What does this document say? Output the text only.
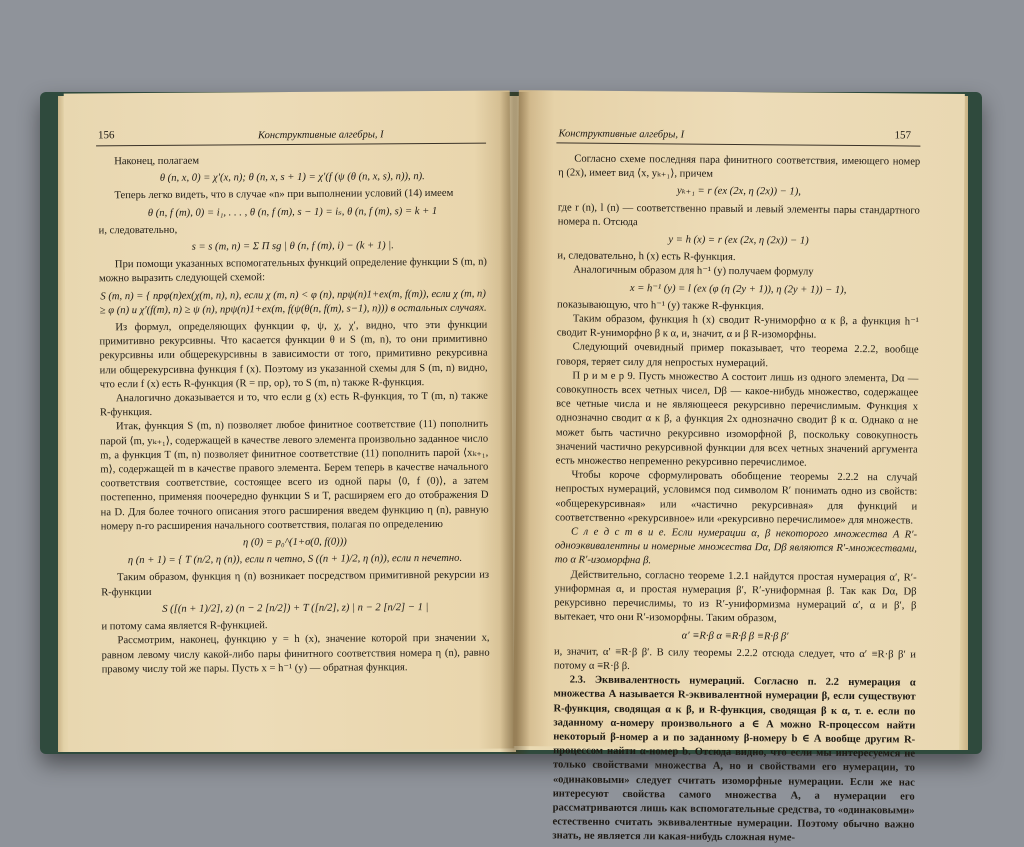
156	Конструктивные алгебры, I

Наконец, полагаем

θ (n, x, 0) = χ′(x, n); θ (n, x, s + 1) = χ′(f (ψ (θ (n, x, s), n)), n).

Теперь легко видеть, что в случае «n» при выполнении условий (14) имеем

θ (n, f (m), 0) = i₁, . . . , θ (n, f (m), s − 1) = iₛ, θ (n, f (m), s) = k + 1

и, следовательно,

s = s (m, n) = Σ Π sg | θ (n, f (m), i) − (k + 1) |.

При помощи указанных вспомогательных функций определение функции S (m, n) можно выразить следующей схемой:

S (m, n) = { npφ(n)ex(χ(m, n), n), если χ (m, n) < φ (n), npψ(n)1+ex(m, f(m)), если χ (m, n) ≥ φ (n) и χ′(f(m), n) ≥ ψ (n), npψ(n)1+ex(m, f(ψ(θ(n, f(m), s−1), n))) в остальных случаях.

Из формул, определяющих функции φ, ψ, χ, χ′, видно, что эти функции примитивно рекурсивны. Что касается функции θ и S (m, n), то они примитивно рекурсивны или общерекурсивны в зависимости от того, примитивно рекурсивна или общерекурсивна функция f (x). Поэтому из указанной схемы для S (m, n) видно, что если f (x) есть R-функция (R = пр, ор), то S (m, n) также R-функция.

Аналогично доказывается и то, что если g (x) есть R-функция, то T (m, n) также R-функция.

Итак, функция S (m, n) позволяет любое финитное соответствие (11) пополнить парой ⟨m, yₖ₊₁⟩, содержащей в качестве левого элемента произвольно заданное число m, а функция T (m, n) позволяет финитное соответствие (11) пополнить парой ⟨xₖ₊₁, m⟩, содержащей m в качестве правого элемента. Берем теперь в качестве начального соответствия соответствие, состоящее всего из одной пары ⟨0, f (0)⟩, а затем постепенно, применяя поочередно функции S и T, расширяем его до отображения D на D. Для более точного описания этого расширения введем функцию η (n), равную номеру n-го расширения начального соответствия, полагая по определению

η (0) = p₀^(1+σ(0, f(0)))

η (n + 1) = { T (n/2, η (n)), если n четно, S ((n + 1)/2, η (n)), если n нечетно.

Таким образом, функция η (n) возникает посредством примитивной рекурсии из R-функции

S ([(n + 1)/2], z) (n − 2 [n/2]) + T ([n/2], z) | n − 2 [n/2] − 1 |

и потому сама является R-функцией.

Рассмотрим, наконец, функцию y = h (x), значение которой при значении x, равном левому числу какой-либо пары финитного соответствия номера η (n), равно правому числу той же пары. Пусть x = h⁻¹ (y) — обратная функция.

Конструктивные алгебры, I	157

Согласно схеме последняя пара финитного соответствия, имеющего номер η (2x), имеет вид ⟨x, yₖ₊₁⟩, причем

yₖ₊₁ = r (ex (2x, η (2x)) − 1),

где r (n), l (n) — соответственно правый и левый элементы пары стандартного номера n. Отсюда

y = h (x) = r (ex (2x, η (2x)) − 1)

и, следовательно, h (x) есть R-функция.

Аналогичным образом для h⁻¹ (y) получаем формулу

x = h⁻¹ (y) = l (ex (φ (η (2y + 1)), η (2y + 1)) − 1),

показывающую, что h⁻¹ (y) также R-функция.

Таким образом, функция h (x) сводит R-униморфно α к β, а функция h⁻¹ сводит R-униморфно β к α, и, значит, α и β R-изоморфны.

Следующий очевидный пример показывает, что теорема 2.2.2, вообще говоря, теряет силу для непростых нумераций.

П р и м е р 9. Пусть множество A состоит лишь из одного элемента, Dα — совокупность всех четных чисел, Dβ — какое-нибудь множество, содержащее все четные числа и не являющееся рекурсивно перечислимым. Функция x однозначно сводит α к β, а функция 2x однозначно сводит β к α. Однако α не может быть частично рекурсивно изоморфной β, поскольку совокупность значений частично рекурсивной функции для всех четных значений аргумента есть множество непременно рекурсивно перечислимое.

Чтобы короче сформулировать обобщение теоремы 2.2.2 на случай непростых нумераций, условимся под символом R′ понимать одно из свойств: «общерекурсивная» или «частично рекурсивная» для функций и соответственно «рекурсивное» или «рекурсивно перечислимое» для множеств.

С л е д с т в и е. Если нумерации α, β некоторого множества A R′-одноэквивалентны и номерные множества Dα, Dβ являются R′-множествами, то α R′-изоморфна β.

Действительно, согласно теореме 1.2.1 найдутся простая нумерация α′, R′-униформная α, и простая нумерация β′, R′-униформная β. Так как Dα, Dβ рекурсивно перечислимы, то из R′-униформизма нумераций α′, α и β′, β вытекает, что они R′-изоморфны. Таким образом,

α′ ≡R·β α ≡R·β β ≡R·β β′

и, значит, α′ ≡R·β β′. В силу теоремы 2.2.2 отсюда следует, что α′ ≡R·β β′ и потому α ≡R·β β.

2.3. Эквивалентность нумераций. Согласно п. 2.2 нумерация α множества A называется R-эквивалентной нумерации β, если существуют R-функция, сводящая α к β, и R-функция, сводящая β к α, т. е. если по заданному α-номеру произвольного a ∈ A можно R-процессом найти некоторый β-номер a и по заданному β-номеру b ∈ A вообще другим R-процессом найти α-номер b. Отсюда видно, что если мы интересуемся не только свойствами множества A, но и свойствами его нумерации, то «одинаковыми» следует считать изоморфные нумерации. Если же нас интересуют свойства самого множества A, а нумерации его рассматриваются лишь как вспомогательные средства, то «одинаковыми» естественно считать эквивалентные нумерации. Поэтому обычно важно знать, не является ли какая-нибудь сложная нуме-
